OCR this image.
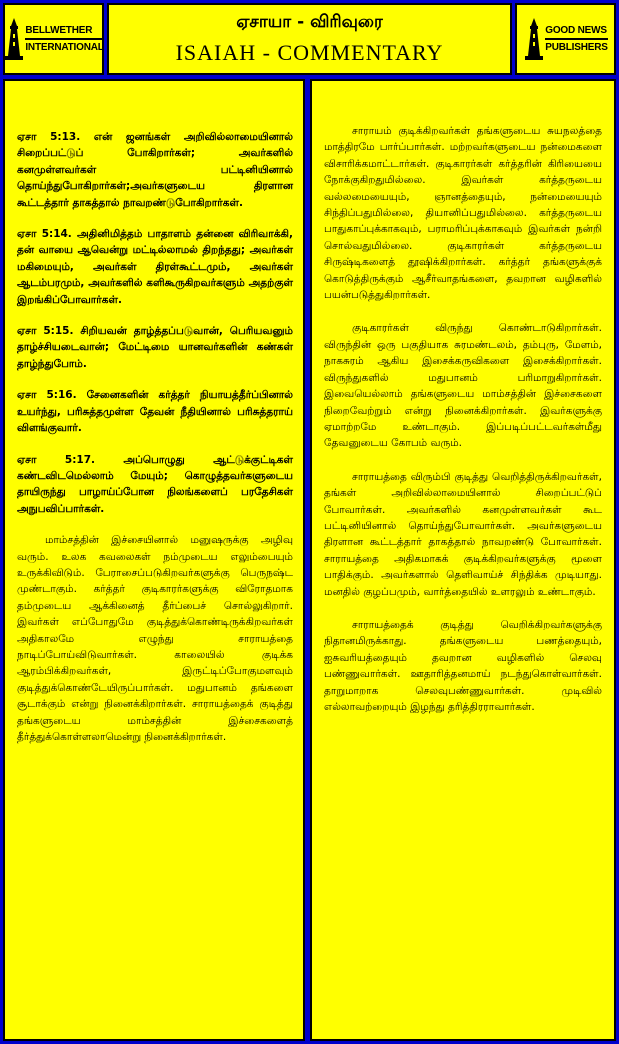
BELLWETHER
INTERNATIONAL
ஏசாயா - விரிவுரை
ISAIAH - COMMENTARY
GOOD NEWS
PUBLISHERS

ஏசா 5:13. என் ஜனங்கள் அறிவில்லாமையினால் சிறைப்பட்டுப் போகிறார்கள்; அவர்களில் கனமுள்ளவர்கள் பட்டினியினால் தொய்ந்துபோகிறார்கள்;அவர்களுடைய திரளான கூட்டத்தார் தாகத்தால் நாவறண்டுபோகிறார்கள்.

ஏசா 5:14. அதினிமித்தம் பாதாளம் தன்னை விரிவாக்கி, தன் வாயை ஆவென்று மட்டில்லாமல் திறந்தது; அவர்கள் மகிமையும், அவர்கள் திரள்கூட்டமும், அவர்கள் ஆடம்பரமும், அவர்களில் களிகூருகிறவர்களும் அதற்குள் இறங்கிப்போவார்கள்.

ஏசா 5:15. சிறியவன் தாழ்த்தப்படுவான், பெரியவனும் தாழ்ச்சியடைவான்; மேட்டிமை யானவர்களின் கண்கள் தாழ்ந்துபோம்.

ஏசா 5:16. சேனைகளின் கர்த்தர் நியாயத்தீர்ப்பினால் உயர்ந்து, பரிசுத்தமுள்ள தேவன் நீதியினால் பரிசுத்தராய் விளங்குவார்.

ஏசா 5:17. அப்பொழுது ஆட்டுக்குட்டிகள் கண்டவிடமெல்லாம் மேயும்; கொழுத்தவர்களுடைய தாயிருந்து பாழாய்ப்போன நிலங்களைப் பரதேசிகள் அநுபவிப்பார்கள்.

மாம்சத்தின் இச்சையினால் மனுஷருக்கு அழிவு வரும். உலக கவலைகள் நம்முடைய எலும்பையும் உருக்கிவிடும். பேராசைப்படுகிறவர்களுக்கு பெருநஷ்ட முண்டாகும். கர்த்தர் குடிகாரர்களுக்கு விரோதமாக தம்முடைய ஆக்கினைத் தீர்ப்பைச் சொல்லுகிறார். இவர்கள் எப்போதுமே குடித்துக்கொண்டிருக்கிறவர்கள் அதிகாலமே எழுந்து சாராயத்தை நாடிப்போய்விடுவார்கள். காலையில் குடிக்க ஆரம்பிக்கிறவர்கள், இருட்டிப்போகுமளவும் குடித்துக்கொண்டேயிருப்பார்கள். மதுபானம் தங்களை சூடாக்கும் என்று நினைக்கிறார்கள். சாராயத்தைக் குடித்து தங்களுடைய மாம்சத்தின் இச்சைகளைத் தீர்த்துக்கொள்ளலாமென்று நினைக்கிறார்கள்.

சாராயம் குடிக்கிறவர்கள் தங்களுடைய சுயநலத்தை மாத்திரமே பார்ப்பார்கள். மற்றவர்களுடைய நன்மைகளை விசாரிக்கமாட்டார்கள். குடிகாரர்கள் கர்த்தரின் கிரியையை நோக்குகிறதுமில்லை. இவர்கள் கர்த்தருடைய வல்லமையையும், ஞானத்தையும், நன்மையையும் சிந்திப்பதுமில்லை, தியானிப்பதுமில்லை. கர்த்தருடைய பாதுகாப்புக்காகவும், பராமரிப்புக்காகவும் இவர்கள் நன்றி சொல்வதுமில்லை. குடிகாரர்கள் கர்த்தருடைய சிருஷ்டிகளைத் தூஷிக்கிறார்கள். கர்த்தர் தங்களுக்குக் கொடுத்திருக்கும் ஆசீர்வாதங்களை, தவறான வழிகளில் பயன்படுத்துகிறார்கள்.

குடிகாரர்கள் விருந்து கொண்டாடுகிறார்கள். விருந்தின் ஒரு பகுதியாக சுரமண்டலம், தம்புரு, மேளம், நாகசுரம் ஆகிய இசைக்கருவிகளை இசைக்கிறார்கள். விருந்துகளில் மதுபானம் பரிமாறுகிறார்கள். இவையெல்லாம் தங்களுடைய மாம்சத்தின் இச்சைகளை நிறைவேற்றும் என்று நினைக்கிறார்கள். இவர்களுக்கு ஏமாற்றமே உண்டாகும். இப்படிப்பட்டவர்கள்மீது தேவனுடைய கோபம் வரும்.

சாராயத்தை விரும்பி குடித்து வெறித்திருக்கிறவர்கள், தங்கள் அறிவில்லாமையினால் சிறைப்பட்டுப் போவார்கள். அவர்களில் கனமுள்ளவர்கள் கூட பட்டினியினால் தொய்ந்துபோவார்கள். அவர்களுடைய திரளான கூட்டத்தார் தாகத்தால் நாவறண்டு போவார்கள். சாராயத்தை அதிகமாகக் குடிக்கிறவர்களுக்கு மூளை பாதிக்கும். அவர்களால் தெளிவாய்ச் சிந்திக்க முடியாது. மனதில் குழப்பமும், வார்த்தையில் உளரலும் உண்டாகும்.

சாராயத்தைக் குடித்து வெறிக்கிறவர்களுக்கு நிதானமிருக்காது. தங்களுடைய பணத்தையும், ஐசுவரியத்தையும் தவறான வழிகளில் செலவு பண்ணுவார்கள். ஊதாரித்தனமாய் நடந்துகொள்வார்கள். தாறுமாறாக செலவுபண்ணுவார்கள். முடிவில் எல்லாவற்றையும் இழந்து தரித்திரராவார்கள்.
